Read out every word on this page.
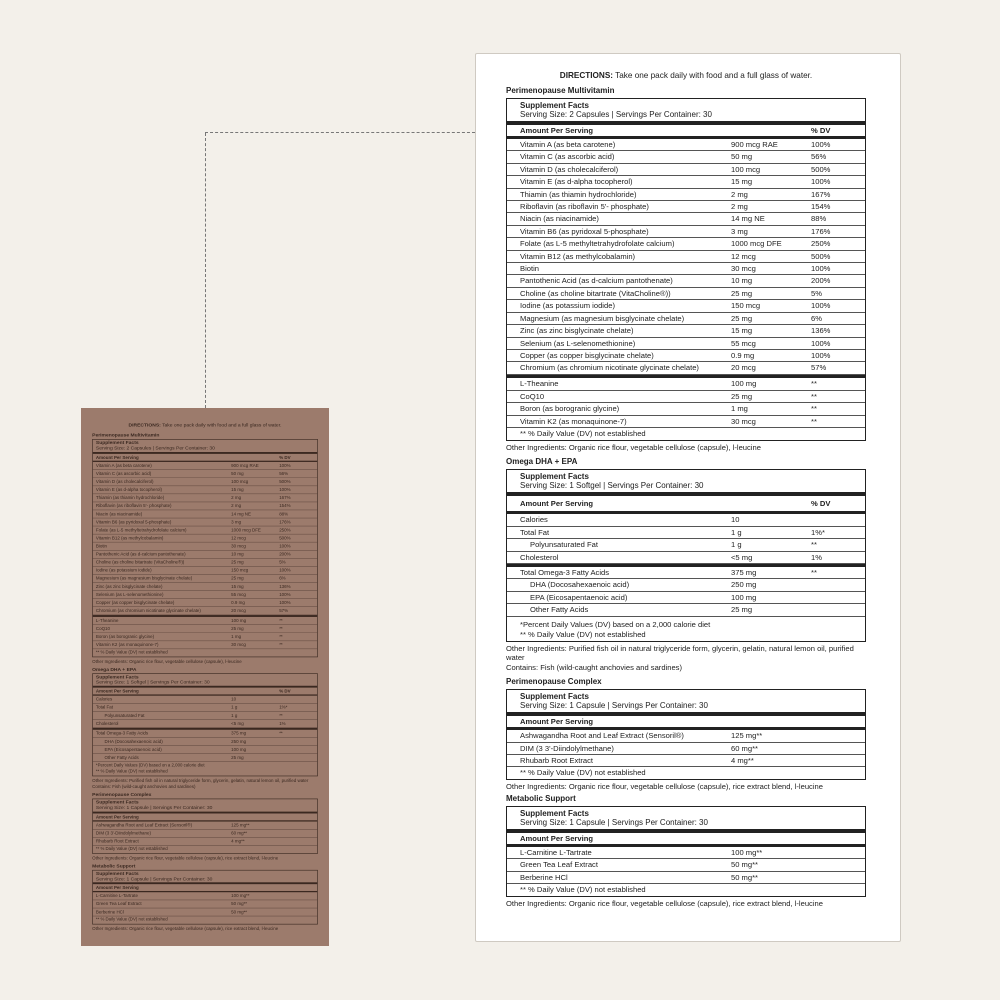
DIRECTIONS: Take one pack daily with food and a full glass of water.
Perimenopause Multivitamin
Supplement Facts
Serving Size: 2 Capsules | Servings Per Container: 30
Amount Per Serving	% DV
Vitamin A (as beta carotene)	900 mcg RAE	100%
Vitamin C (as ascorbic acid)	50 mg	56%
Vitamin D (as cholecalciferol)	100 mcg	500%
Vitamin E (as d-alpha tocopherol)	15 mg	100%
Thiamin (as thiamin hydrochloride)	2 mg	167%
Riboflavin (as riboflavin 5'- phosphate)	2 mg	154%
Niacin (as niacinamide)	14 mg NE	88%
Vitamin B6 (as pyridoxal 5-phosphate)	3 mg	176%
Folate (as L-5 methyltetrahydrofolate calcium)	1000 mcg DFE	250%
Vitamin B12 (as methylcobalamin)	12 mcg	500%
Biotin	30 mcg	100%
Pantothenic Acid (as d-calcium pantothenate)	10 mg	200%
Choline (as choline bitartrate (VitaCholine®))	25 mg	5%
Iodine (as potassium iodide)	150 mcg	100%
Magnesium (as magnesium bisglycinate chelate)	25 mg	6%
Zinc (as zinc bisglycinate chelate)	15 mg	136%
Selenium (as L-selenomethionine)	55 mcg	100%
Copper (as copper bisglycinate chelate)	0.9 mg	100%
Chromium (as chromium nicotinate glycinate chelate)	20 mcg	57%
L-Theanine	100 mg	**
CoQ10	25 mg	**
Boron (as borogranic glycine)	1 mg	**
Vitamin K2 (as monaquinone-7)	30 mcg	**
** % Daily Value (DV) not established
Other Ingredients: Organic rice flour, vegetable cellulose (capsule), l-leucine
Omega DHA + EPA
Supplement Facts
Serving Size: 1 Softgel | Servings Per Container: 30
Amount Per Serving	% DV
Calories	10
Total Fat	1 g	1%*
Polyunsaturated Fat	1 g	**
Cholesterol	<5 mg	1%
Total Omega-3 Fatty Acids	375 mg	**
DHA (Docosahexaenoic acid)	250 mg
EPA (Eicosapentaenoic acid)	100 mg
Other Fatty Acids	25 mg
*Percent Daily Values (DV) based on a 2,000 calorie diet
** % Daily Value (DV) not established
Other Ingredients: Purified fish oil in natural triglyceride form, glycerin, gelatin, natural lemon oil, purified water
Contains: Fish (wild-caught anchovies and sardines)
Perimenopause Complex
Supplement Facts
Serving Size: 1 Capsule | Servings Per Container: 30
Amount Per Serving
Ashwagandha Root and Leaf Extract (Sensoril®)	125 mg**
DIM (3 3'-Diindolylmethane)	60 mg**
Rhubarb Root Extract	4 mg**
** % Daily Value (DV) not established
Other Ingredients: Organic rice flour, vegetable cellulose (capsule), rice extract blend, l-leucine
Metabolic Support
Supplement Facts
Serving Size: 1 Capsule | Servings Per Container: 30
Amount Per Serving
L-Carnitine L-Tartrate	100 mg**
Green Tea Leaf Extract	50 mg**
Berberine HCl	50 mg**
** % Daily Value (DV) not established
Other Ingredients: Organic rice flour, vegetable cellulose (capsule), rice extract blend, l-leucine
DIRECTIONS: Take one pack daily with food and a full glass of water.
Perimenopause Multivitamin
Supplement Facts
Serving Size: 2 Capsules | Servings Per Container: 30
Amount Per Serving	% DV
Vitamin A (as beta carotene)	900 mcg RAE	100%
Vitamin C (as ascorbic acid)	50 mg	56%
Vitamin D (as cholecalciferol)	100 mcg	500%
Vitamin E (as d-alpha tocopherol)	15 mg	100%
Thiamin (as thiamin hydrochloride)	2 mg	167%
Riboflavin (as riboflavin 5'- phosphate)	2 mg	154%
Niacin (as niacinamide)	14 mg NE	88%
Vitamin B6 (as pyridoxal 5-phosphate)	3 mg	176%
Folate (as L-5 methyltetrahydrofolate calcium)	1000 mcg DFE	250%
Vitamin B12 (as methylcobalamin)	12 mcg	500%
Biotin	30 mcg	100%
Pantothenic Acid (as d-calcium pantothenate)	10 mg	200%
Choline (as choline bitartrate (VitaCholine®))	25 mg	5%
Iodine (as potassium iodide)	150 mcg	100%
Magnesium (as magnesium bisglycinate chelate)	25 mg	6%
Zinc (as zinc bisglycinate chelate)	15 mg	136%
Selenium (as L-selenomethionine)	55 mcg	100%
Copper (as copper bisglycinate chelate)	0.9 mg	100%
Chromium (as chromium nicotinate glycinate chelate)	20 mcg	57%
L-Theanine	100 mg	**
CoQ10	25 mg	**
Boron (as borogranic glycine)	1 mg	**
Vitamin K2 (as monaquinone-7)	30 mcg	**
** % Daily Value (DV) not established
Other Ingredients: Organic rice flour, vegetable cellulose (capsule), l-leucine
Omega DHA + EPA
Supplement Facts
Serving Size: 1 Softgel | Servings Per Container: 30
Amount Per Serving	% DV
Calories	10
Total Fat	1 g	1%*
Polyunsaturated Fat	1 g	**
Cholesterol	<5 mg	1%
Total Omega-3 Fatty Acids	375 mg	**
DHA (Docosahexaenoic acid)	250 mg
EPA (Eicosapentaenoic acid)	100 mg
Other Fatty Acids	25 mg
*Percent Daily Values (DV) based on a 2,000 calorie diet
** % Daily Value (DV) not established
Other Ingredients: Purified fish oil in natural triglyceride form, glycerin, gelatin, natural lemon oil, purified water
Contains: Fish (wild-caught anchovies and sardines)
Perimenopause Complex
Supplement Facts
Serving Size: 1 Capsule | Servings Per Container: 30
Amount Per Serving
Ashwagandha Root and Leaf Extract (Sensoril®)	125 mg**
DIM (3 3'-Diindolylmethane)	60 mg**
Rhubarb Root Extract	4 mg**
** % Daily Value (DV) not established
Other Ingredients: Organic rice flour, vegetable cellulose (capsule), rice extract blend, l-leucine
Metabolic Support
Supplement Facts
Serving Size: 1 Capsule | Servings Per Container: 30
Amount Per Serving
L-Carnitine L-Tartrate	100 mg**
Green Tea Leaf Extract	50 mg**
Berberine HCl	50 mg**
** % Daily Value (DV) not established
Other Ingredients: Organic rice flour, vegetable cellulose (capsule), rice extract blend, l-leucine
